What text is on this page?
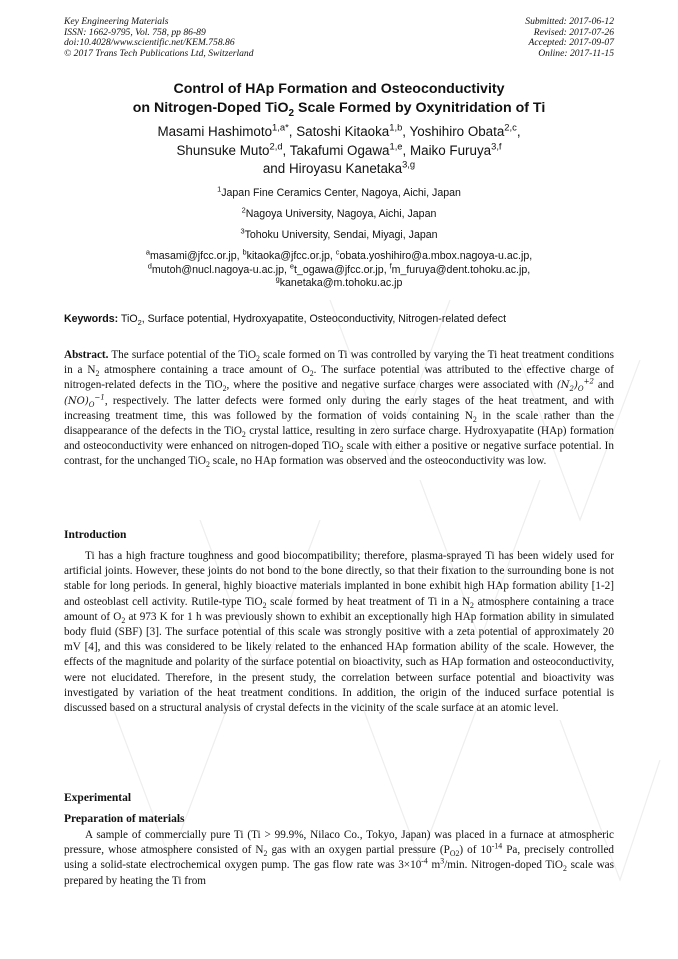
Key Engineering Materials
ISSN: 1662-9795, Vol. 758, pp 86-89
doi:10.4028/www.scientific.net/KEM.758.86
© 2017 Trans Tech Publications Ltd, Switzerland
Submitted: 2017-06-12
Revised: 2017-07-26
Accepted: 2017-09-07
Online: 2017-11-15
Control of HAp Formation and Osteoconductivity
on Nitrogen-Doped TiO$_2$ Scale Formed by Oxynitridation of Ti
Masami Hashimoto$^{1,a*}$, Satoshi Kitaoka$^{1,b}$, Yoshihiro Obata$^{2,c}$,
Shunsuke Muto$^{2,d}$, Takafumi Ogawa$^{1,e}$, Maiko Furuya$^{3,f}$
and Hiroyasu Kanetaka$^{3,g}$
$^1$Japan Fine Ceramics Center, Nagoya, Aichi, Japan
$^2$Nagoya University, Nagoya, Aichi, Japan
$^3$Tohoku University, Sendai, Miyagi, Japan
$^a$masami@jfcc.or.jp, $^b$kitaoka@jfcc.or.jp, $^c$obata.yoshihiro@a.mbox.nagoya-u.ac.jp,
$^d$mutoh@nucl.nagoya-u.ac.jp, $^e$t_ogawa@jfcc.or.jp, $^f$m_furuya@dent.tohoku.ac.jp,
$^g$kanetaka@m.tohoku.ac.jp
Keywords: TiO$_2$, Surface potential, Hydroxyapatite, Osteoconductivity, Nitrogen-related defect
Abstract. The surface potential of the TiO$_2$ scale formed on Ti was controlled by varying the Ti heat treatment conditions in a $N_2$ atmosphere containing a trace amount of $O_2$. The surface potential was attributed to the effective charge of nitrogen-related defects in the TiO$_2$, where the positive and negative surface charges were associated with $(N_2)_O^{+2}$ and $(NO)_O^{-1}$, respectively. The latter defects were formed only during the early stages of the heat treatment, and with increasing treatment time, this was followed by the formation of voids containing $N_2$ in the scale rather than the disappearance of the defects in the TiO$_2$ crystal lattice, resulting in zero surface charge. Hydroxyapatite (HAp) formation and osteoconductivity were enhanced on nitrogen-doped TiO$_2$ scale with either a positive or negative surface potential. In contrast, for the unchanged TiO$_2$ scale, no HAp formation was observed and the osteoconductivity was low.
Introduction
Ti has a high fracture toughness and good biocompatibility; therefore, plasma-sprayed Ti has been widely used for artificial joints. However, these joints do not bond to the bone directly, so that their fixation to the surrounding bone is not stable for long periods. In general, highly bioactive materials implanted in bone exhibit high HAp formation ability [1-2] and osteoblast cell activity. Rutile-type TiO$_2$ scale formed by heat treatment of Ti in a $N_2$ atmosphere containing a trace amount of $O_2$ at 973 K for 1 h was previously shown to exhibit an exceptionally high HAp formation ability in simulated body fluid (SBF) [3]. The surface potential of this scale was strongly positive with a zeta potential of approximately 20 mV [4], and this was considered to be likely related to the enhanced HAp formation ability of the scale. However, the effects of the magnitude and polarity of the surface potential on bioactivity, such as HAp formation and osteoconductivity, were not elucidated. Therefore, in the present study, the correlation between surface potential and bioactivity was investigated by variation of the heat treatment conditions. In addition, the origin of the induced surface potential is discussed based on a structural analysis of crystal defects in the vicinity of the scale surface at an atomic level.
Experimental
Preparation of materials
A sample of commercially pure Ti (Ti > 99.9%, Nilaco Co., Tokyo, Japan) was placed in a furnace at atmospheric pressure, whose atmosphere consisted of $N_2$ gas with an oxygen partial pressure $(P_{O2})$ of $10^{-14}$ Pa, precisely controlled using a solid-state electrochemical oxygen pump. The gas flow rate was $3\times 10^{-4}$ $m^3/\min$. Nitrogen-doped TiO$_2$ scale was prepared by heating the Ti from
